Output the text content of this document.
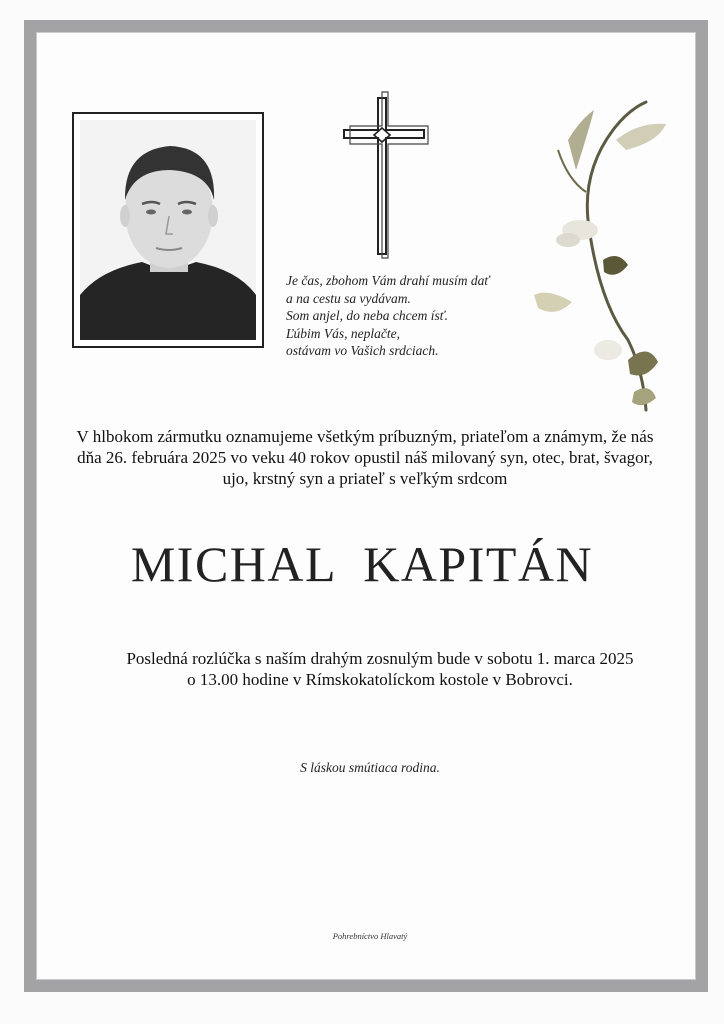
Je čas, zbohom Vám drahí musím dať
a na cestu sa vydávam.
Som anjel, do neba chcem ísť.
Ľúbim Vás, neplačte,
ostávam vo Vašich srdciach.
V hlbokom zármutku oznamujeme všetkým príbuzným, priateľom a známym, že nás
dňa 26. februára 2025 vo veku 40 rokov opustil náš milovaný syn, otec, brat, švagor,
ujo, krstný syn a priateľ s veľkým srdcom
MICHAL  KAPITÁN
Posledná rozlúčka s naším drahým zosnulým bude v sobotu 1. marca 2025
o 13.00 hodine v Rímskokatolíckom kostole v Bobrovci.
S láskou smútiaca rodina.
Pohrebníctvo Hlavatý
